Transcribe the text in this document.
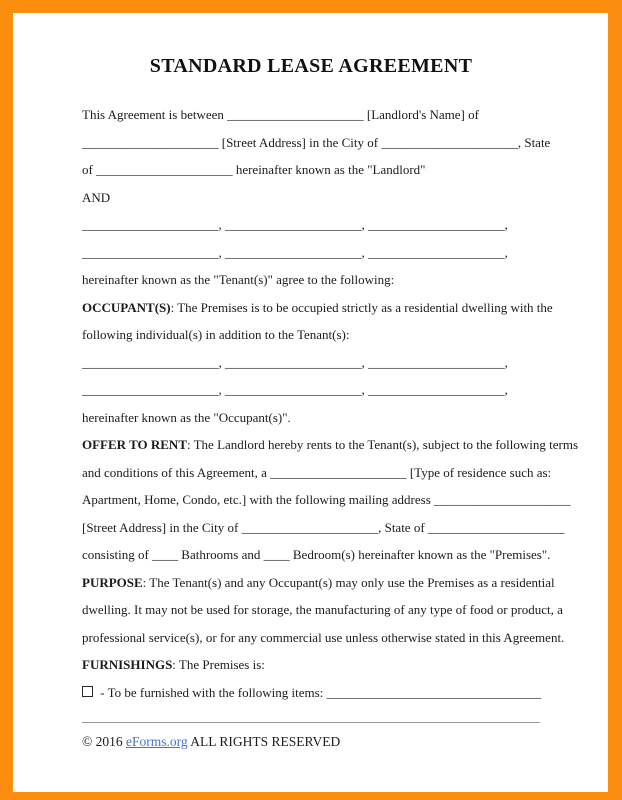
STANDARD LEASE AGREEMENT

This Agreement is between _____________________ [Landlord's Name] of

_____________________ [Street Address] in the City of _____________________, State

of _____________________ hereinafter known as the "Landlord"

AND

_____________________, _____________________, _____________________,

_____________________, _____________________, _____________________,

hereinafter known as the "Tenant(s)" agree to the following:

OCCUPANT(S): The Premises is to be occupied strictly as a residential dwelling with the

following individual(s) in addition to the Tenant(s):

_____________________, _____________________, _____________________,

_____________________, _____________________, _____________________,

hereinafter known as the "Occupant(s)".

OFFER TO RENT: The Landlord hereby rents to the Tenant(s), subject to the following terms

and conditions of this Agreement, a _____________________ [Type of residence such as:

Apartment, Home, Condo, etc.] with the following mailing address _____________________

[Street Address] in the City of _____________________, State of _____________________

consisting of ____ Bathrooms and ____ Bedroom(s) hereinafter known as the "Premises".

PURPOSE: The Tenant(s) and any Occupant(s) may only use the Premises as a residential

dwelling. It may not be used for storage, the manufacturing of any type of food or product, a

professional service(s), or for any commercial use unless otherwise stated in this Agreement.

FURNISHINGS: The Premises is:

- To be furnished with the following items: _________________________________

© 2016 eForms.org ALL RIGHTS RESERVED
